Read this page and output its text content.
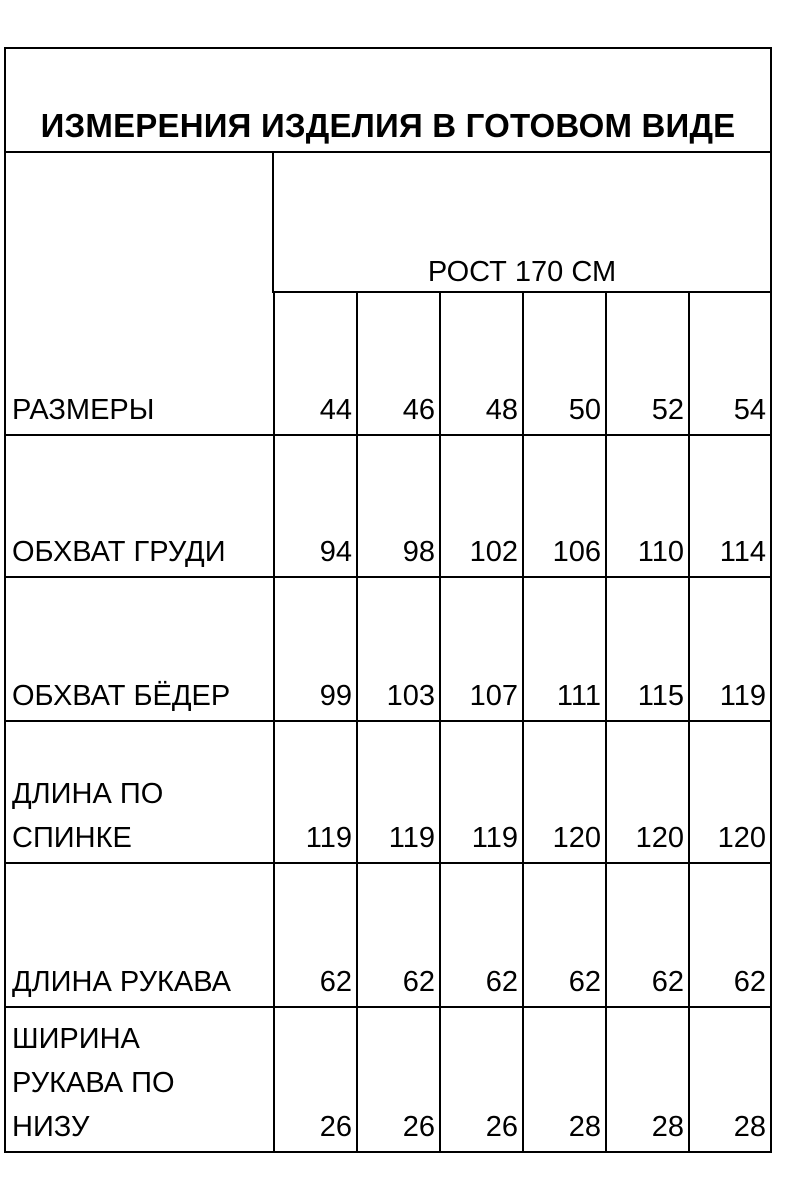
ИЗМЕРЕНИЯ ИЗДЕЛИЯ В ГОТОВОМ ВИДЕ
РОСТ 170 СМ
РАЗМЕРЫ	44	46	48	50	52	54

ОБХВАТ ГРУДИ	94	98	102	106	110	114

ОБХВАТ БЁДЕР	99	103	107	111	115	119

ДЛИНА ПО
СПИНКЕ	119	119	119	120	120	120

ДЛИНА РУКАВА	62	62	62	62	62	62

ШИРИНА
РУКАВА ПО
НИЗУ	26	26	26	28	28	28
